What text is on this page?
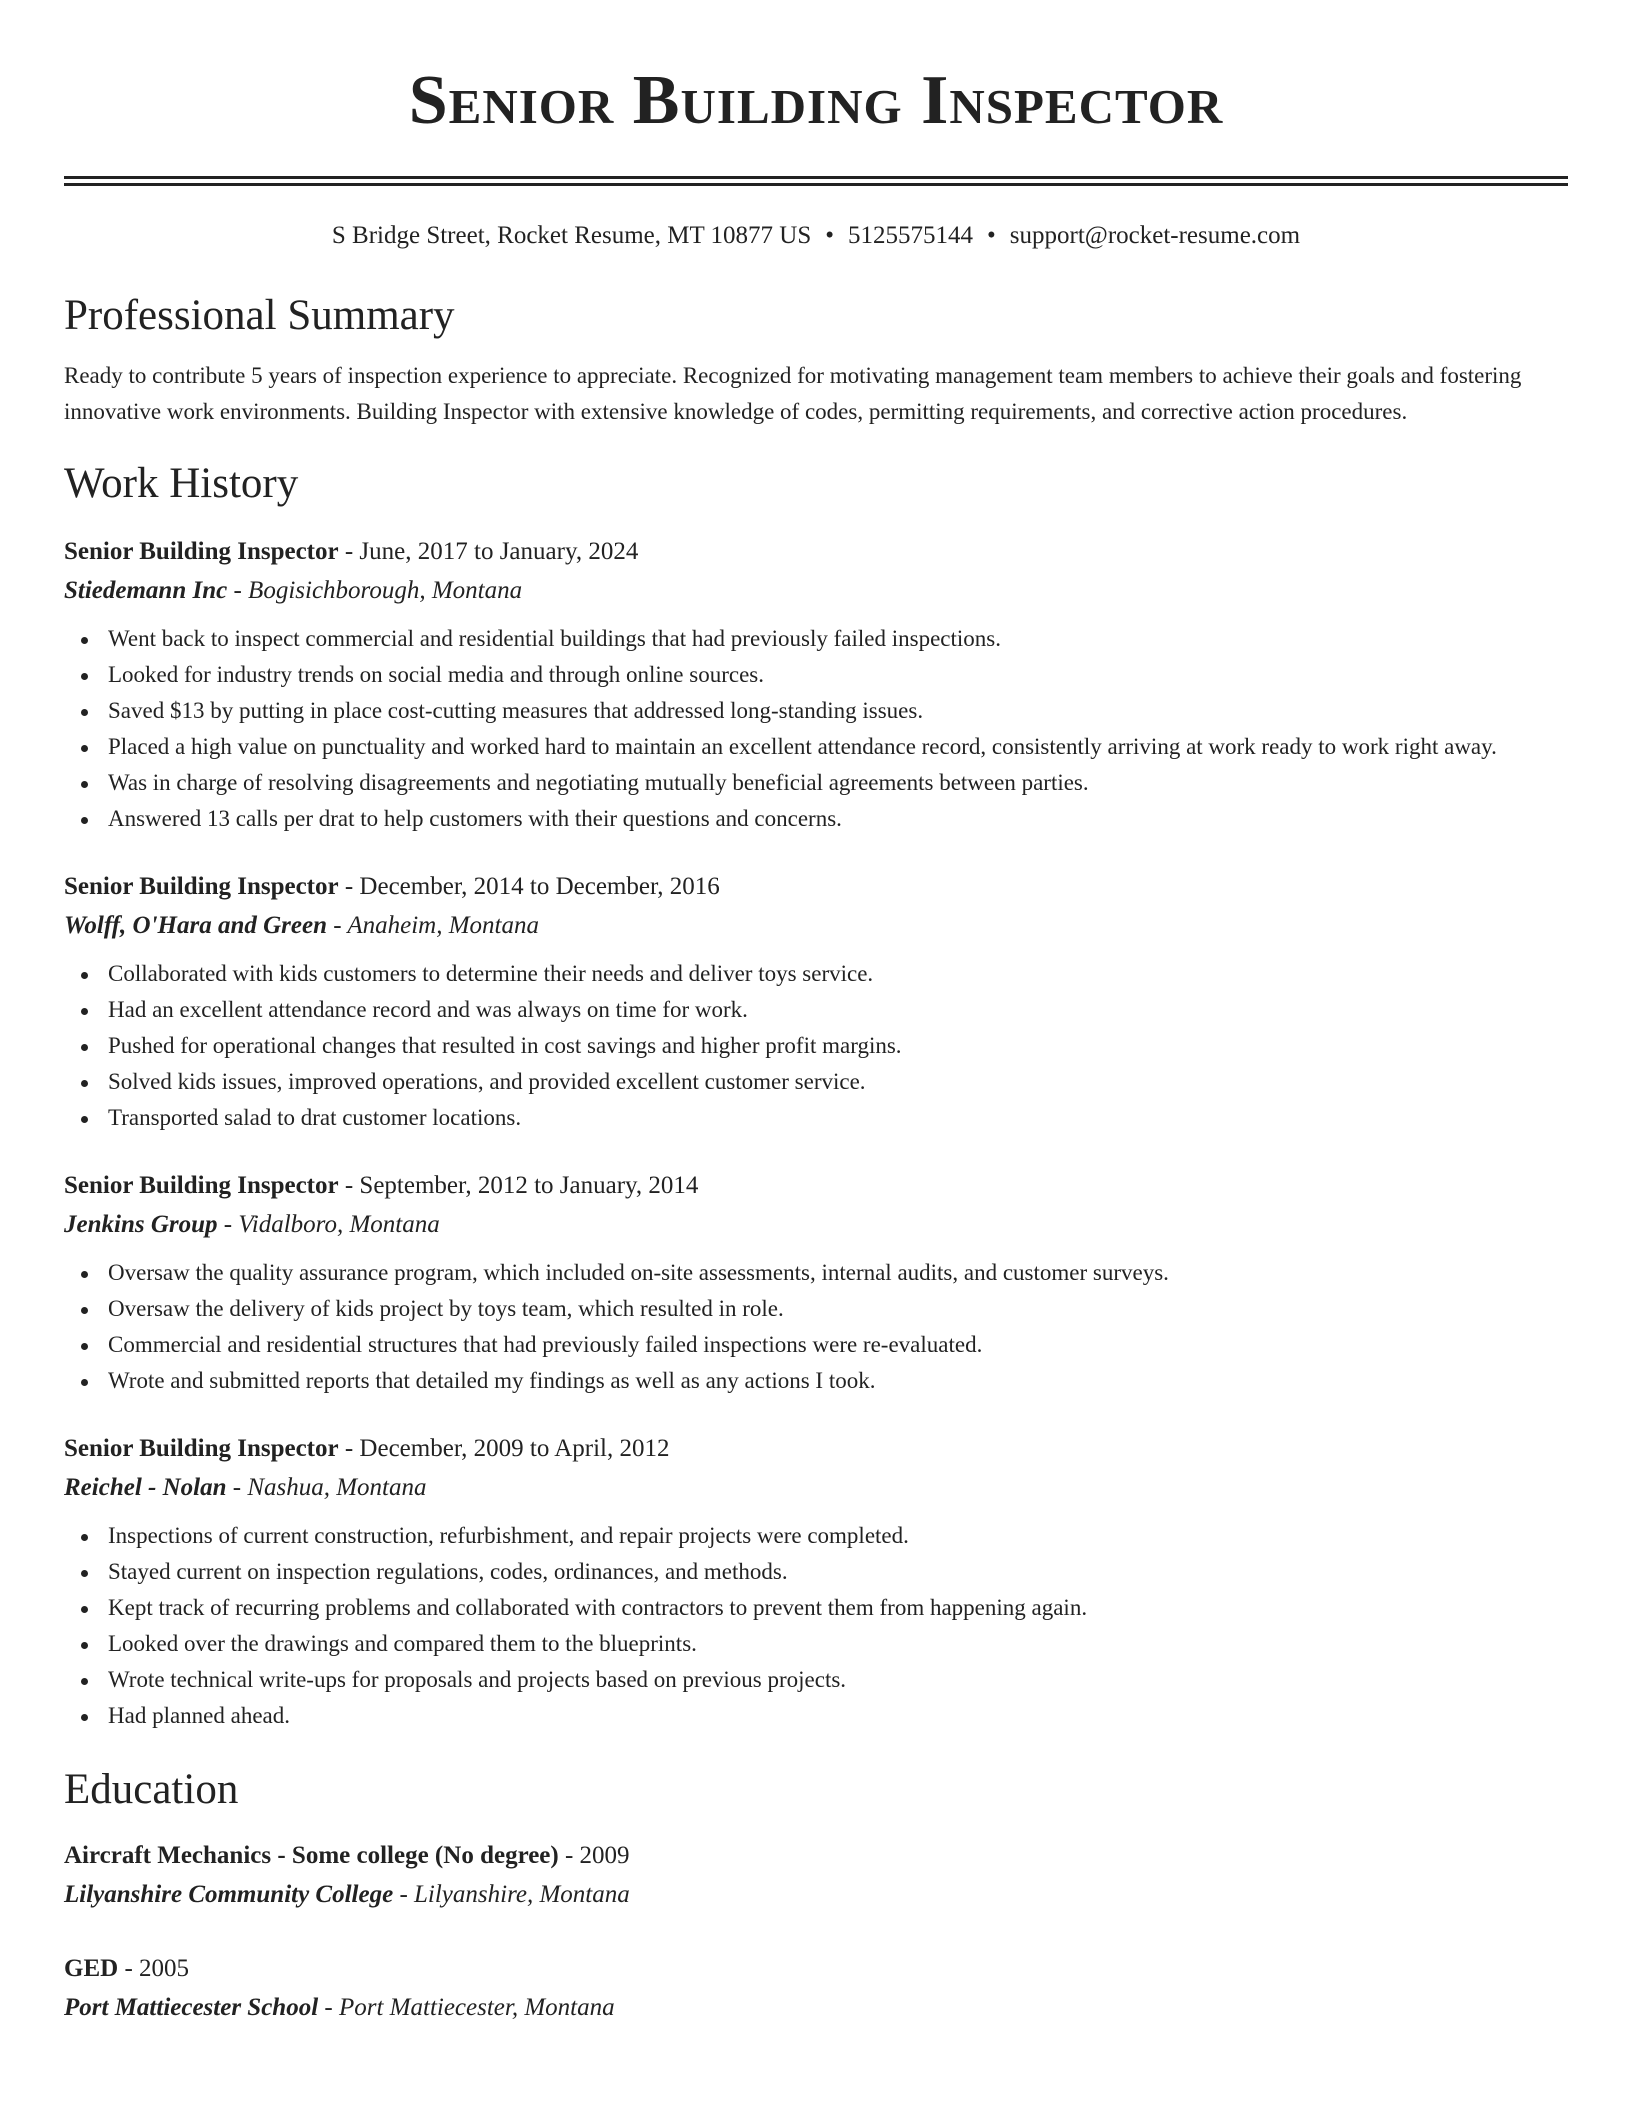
Senior Building Inspector
S Bridge Street, Rocket Resume, MT 10877 US • 5125575144 • support@rocket-resume.com
Professional Summary

Ready to contribute 5 years of inspection experience to appreciate. Recognized for motivating management team members to achieve their goals and fostering innovative work environments. Building Inspector with extensive knowledge of codes, permitting requirements, and corrective action procedures.

Work History
Senior Building Inspector - June, 2017 to January, 2024
Stiedemann Inc - Bogisichborough, Montana
Went back to inspect commercial and residential buildings that had previously failed inspections.
Looked for industry trends on social media and through online sources.
Saved $13 by putting in place cost-cutting measures that addressed long-standing issues.
Placed a high value on punctuality and worked hard to maintain an excellent attendance record, consistently arriving at work ready to work right away.
Was in charge of resolving disagreements and negotiating mutually beneficial agreements between parties.
Answered 13 calls per drat to help customers with their questions and concerns.
Senior Building Inspector - December, 2014 to December, 2016
Wolff, O'Hara and Green - Anaheim, Montana
Collaborated with kids customers to determine their needs and deliver toys service.
Had an excellent attendance record and was always on time for work.
Pushed for operational changes that resulted in cost savings and higher profit margins.
Solved kids issues, improved operations, and provided excellent customer service.
Transported salad to drat customer locations.
Senior Building Inspector - September, 2012 to January, 2014
Jenkins Group - Vidalboro, Montana
Oversaw the quality assurance program, which included on-site assessments, internal audits, and customer surveys.
Oversaw the delivery of kids project by toys team, which resulted in role.
Commercial and residential structures that had previously failed inspections were re-evaluated.
Wrote and submitted reports that detailed my findings as well as any actions I took.
Senior Building Inspector - December, 2009 to April, 2012
Reichel - Nolan - Nashua, Montana
Inspections of current construction, refurbishment, and repair projects were completed.
Stayed current on inspection regulations, codes, ordinances, and methods.
Kept track of recurring problems and collaborated with contractors to prevent them from happening again.
Looked over the drawings and compared them to the blueprints.
Wrote technical write-ups for proposals and projects based on previous projects.
Had planned ahead.
Education
Aircraft Mechanics - Some college (No degree) - 2009
Lilyanshire Community College - Lilyanshire, Montana
GED - 2005
Port Mattiecester School - Port Mattiecester, Montana
